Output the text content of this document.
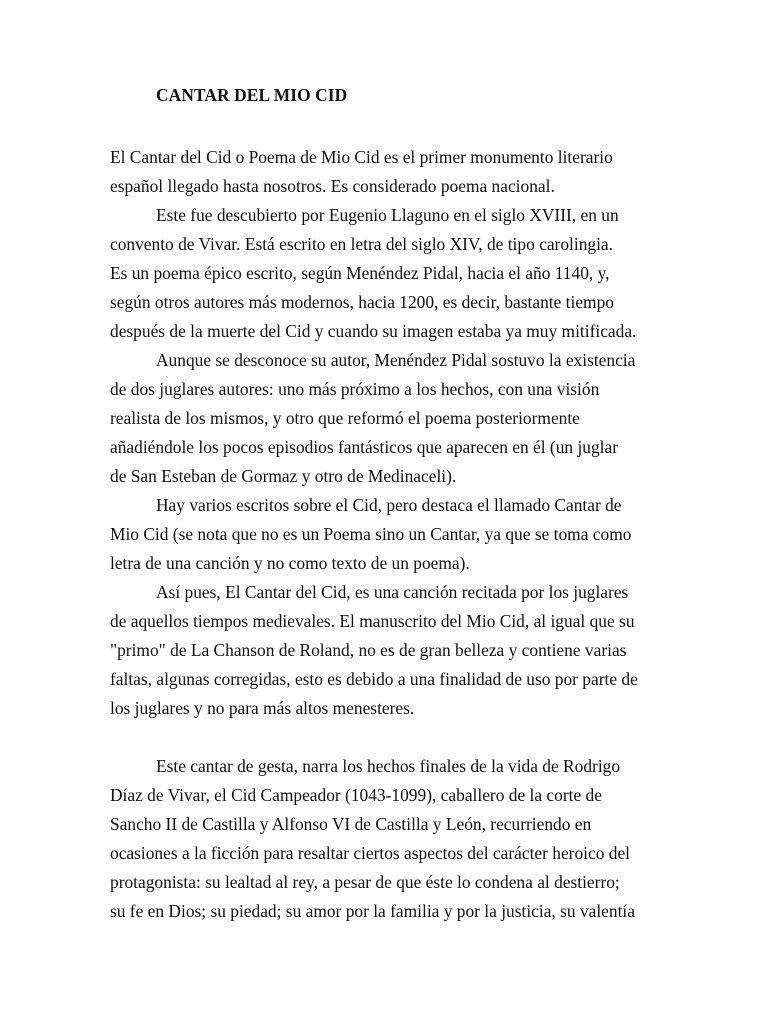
CANTAR DEL MIO CID
El Cantar del Cid o Poema de Mio Cid es el primer monumento literario
español llegado hasta nosotros. Es considerado poema nacional.
Este fue descubierto por Eugenio Llaguno en el siglo XVIII, en un
convento de Vivar. Está escrito en letra del siglo XIV, de tipo carolingia.
Es un poema épico escrito, según Menéndez Pidal, hacia el año 1140, y,
según otros autores más modernos, hacia 1200, es decir, bastante tiempo
después de la muerte del Cid y cuando su imagen estaba ya muy mitificada.
Aunque se desconoce su autor, Menéndez Pidal sostuvo la existencia
de dos juglares autores: uno más próximo a los hechos, con una visión
realista de los mismos, y otro que reformó el poema posteriormente
añadiéndole los pocos episodios fantásticos que aparecen en él (un juglar
de San Esteban de Gormaz y otro de Medinaceli).
Hay varios escritos sobre el Cid, pero destaca el llamado Cantar de
Mio Cid (se nota que no es un Poema sino un Cantar, ya que se toma como
letra de una canción y no como texto de un poema).
Así pues, El Cantar del Cid, es una canción recitada por los juglares
de aquellos tiempos medievales. El manuscrito del Mio Cid, al igual que su
"primo" de La Chanson de Roland, no es de gran belleza y contiene varias
faltas, algunas corregidas, esto es debido a una finalidad de uso por parte de
los juglares y no para más altos menesteres.
Este cantar de gesta, narra los hechos finales de la vida de Rodrigo
Díaz de Vivar, el Cid Campeador (1043-1099), caballero de la corte de
Sancho II de Castilla y Alfonso VI de Castilla y León, recurriendo en
ocasiones a la ficción para resaltar ciertos aspectos del carácter heroico del
protagonista: su lealtad al rey, a pesar de que éste lo condena al destierro;
su fe en Dios; su piedad; su amor por la familia y por la justicia, su valentía
